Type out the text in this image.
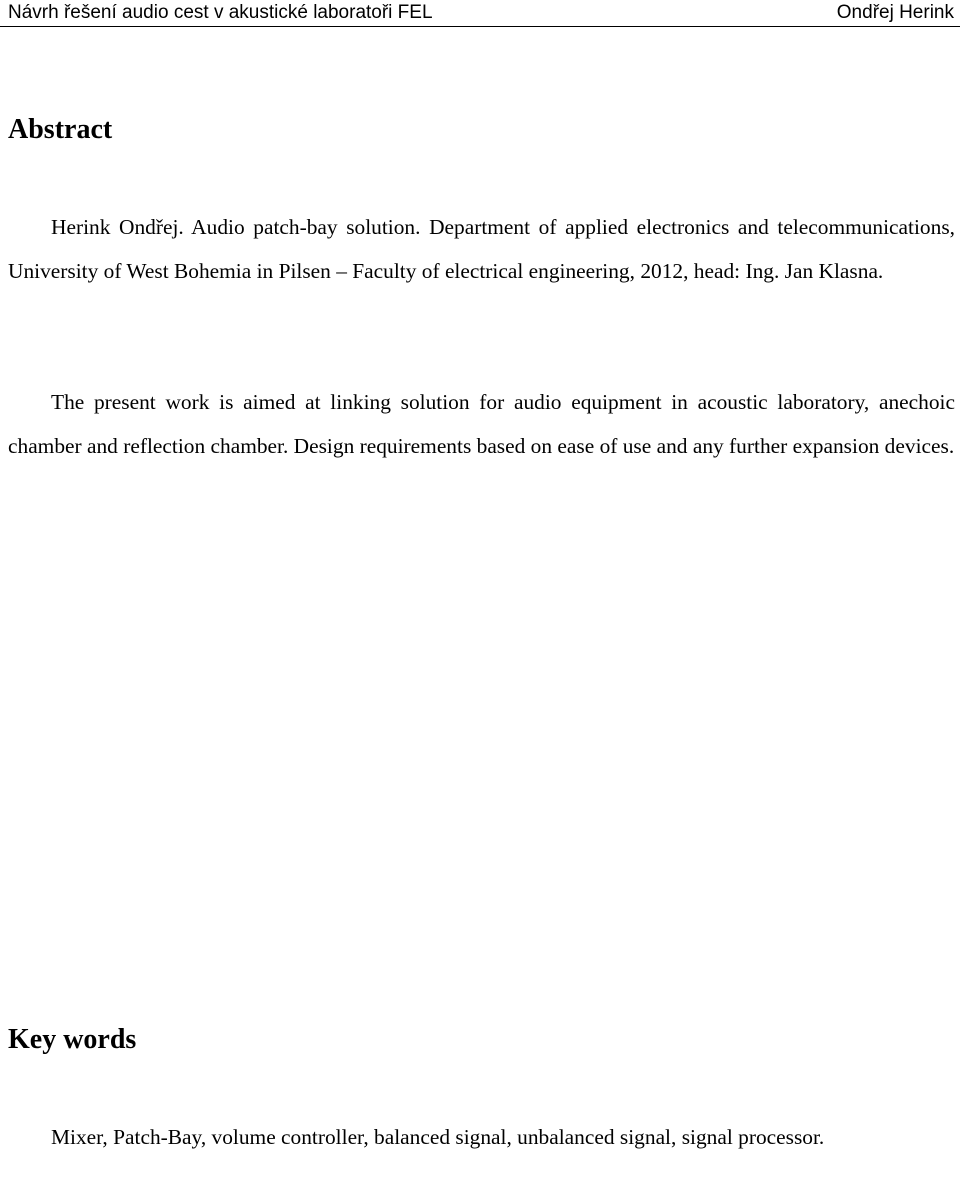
Návrh řešení audio cest v akustické laboratoři FEL	Ondřej Herink
Abstract

Herink Ondřej. Audio patch-bay solution. Department of applied electronics and telecommunications, University of West Bohemia in Pilsen – Faculty of electrical engineering, 2012, head: Ing. Jan Klasna.

The present work is aimed at linking solution for audio equipment in acoustic laboratory, anechoic chamber and reflection chamber. Design requirements based on ease of use and any further expansion devices.

Key words

Mixer, Patch-Bay, volume controller, balanced signal, unbalanced signal, signal processor.
